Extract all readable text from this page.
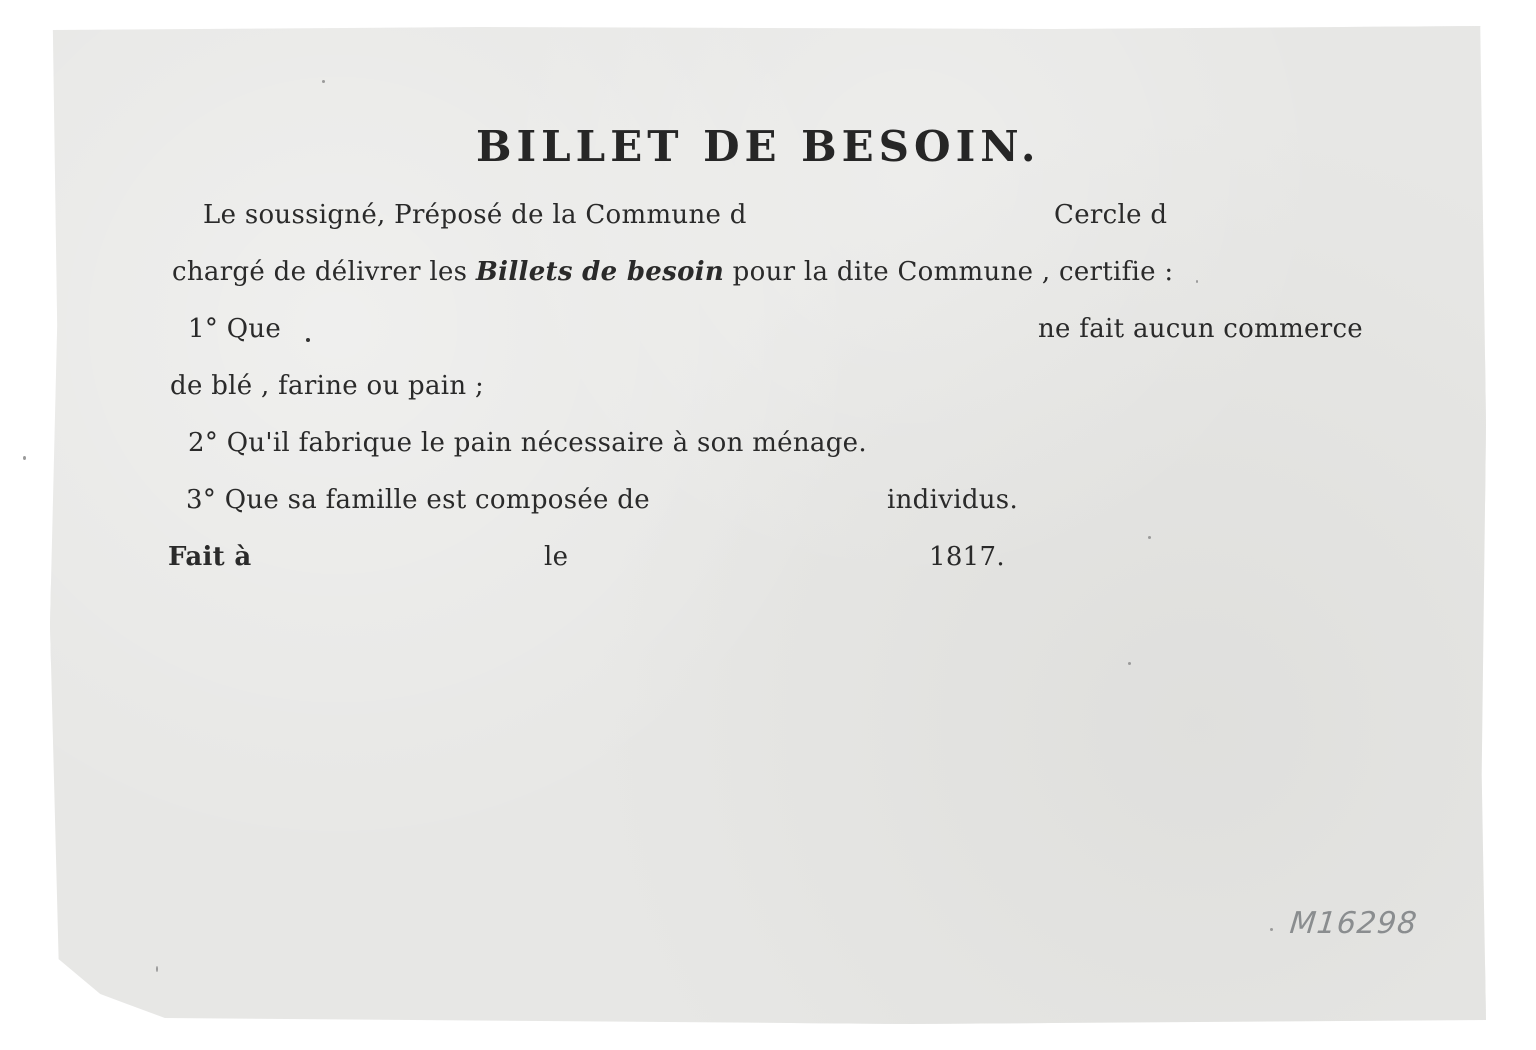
BILLET DE BESOIN.

Le soussigné, Préposé de la Commune d	Cercle d

chargé de délivrer les Billets de besoin pour la dite Commune , certifie :

1° Que	ne fait aucun commerce

de blé , farine ou pain ;

2° Qu'il fabrique le pain nécessaire à son ménage.

3° Que sa famille est composée de	individus.

Fait à	le	1817.

M16298
